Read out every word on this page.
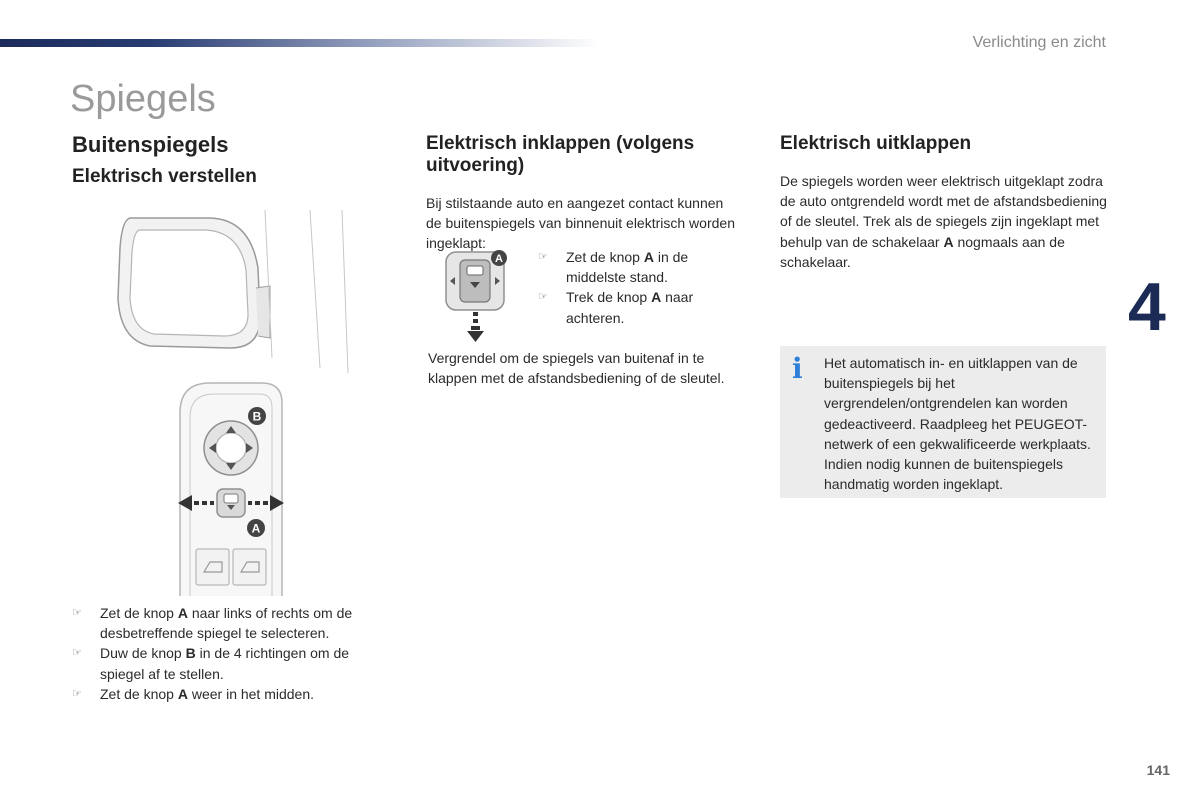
Verlichting en zicht
Spiegels
4
141
Buitenspiegels
Elektrisch verstellen
B
A
☞ Zet de knop A naar links of rechts om de desbetreffende spiegel te selecteren.
☞ Duw de knop B in de 4 richtingen om de spiegel af te stellen.
☞ Zet de knop A weer in het midden.
Elektrisch inklappen (volgens uitvoering)

Bij stilstaande auto en aangezet contact kunnen de buitenspiegels van binnenuit elektrisch worden ingeklapt:

A	☞ Zet de knop A in de middelste stand.
☞ Trek de knop A naar achteren.

Vergrendel om de spiegels van buitenaf in te klappen met de afstandsbediening of de sleutel.

Elektrisch uitklappen

De spiegels worden weer elektrisch uitgeklapt zodra de auto ontgrendeld wordt met de afstandsbediening of de sleutel. Trek als de spiegels zijn ingeklapt met behulp van de schakelaar A nogmaals aan de schakelaar.

i Het automatisch in- en uitklappen van de buitenspiegels bij het vergrendelen/ontgrendelen kan worden gedeactiveerd. Raadpleeg het PEUGEOT-netwerk of een gekwalificeerde werkplaats.
Indien nodig kunnen de buitenspiegels handmatig worden ingeklapt.
